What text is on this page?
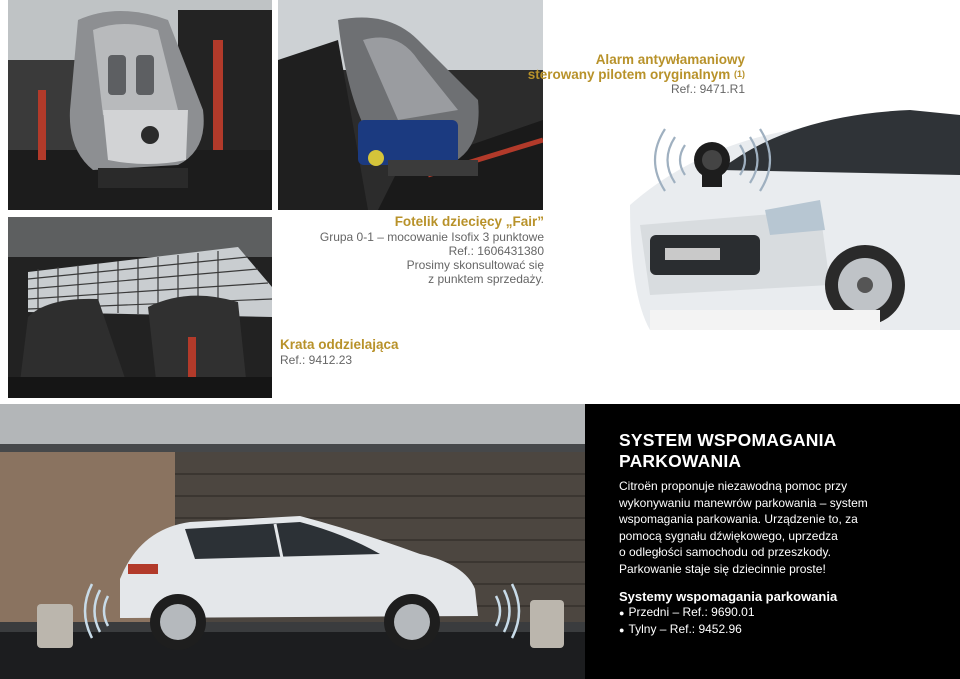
Alarm antywłamaniowy
sterowany pilotem oryginalnym $^{(1)}$
Ref.: 9471.R1
Fotelik dziecięcy „Fair”
Grupa 0-1 – mocowanie Isofix 3 punktowe
Ref.: 1606431380
Prosimy skonsultować się
z punktem sprzedaży.
Krata oddzielająca
Ref.: 9412.23
SYSTEM WSPOMAGANIA
PARKOWANIA
Citroën proponuje niezawodną pomoc przy
wykonywaniu manewrów parkowania – system
wspomagania parkowania. Urządzenie to, za
pomocą sygnału dźwiękowego, uprzedza
o odległości samochodu od przeszkody.
Parkowanie staje się dziecinnie proste!
Systemy wspomagania parkowania
● Przedni – Ref.: 9690.01
● Tylny – Ref.: 9452.96
